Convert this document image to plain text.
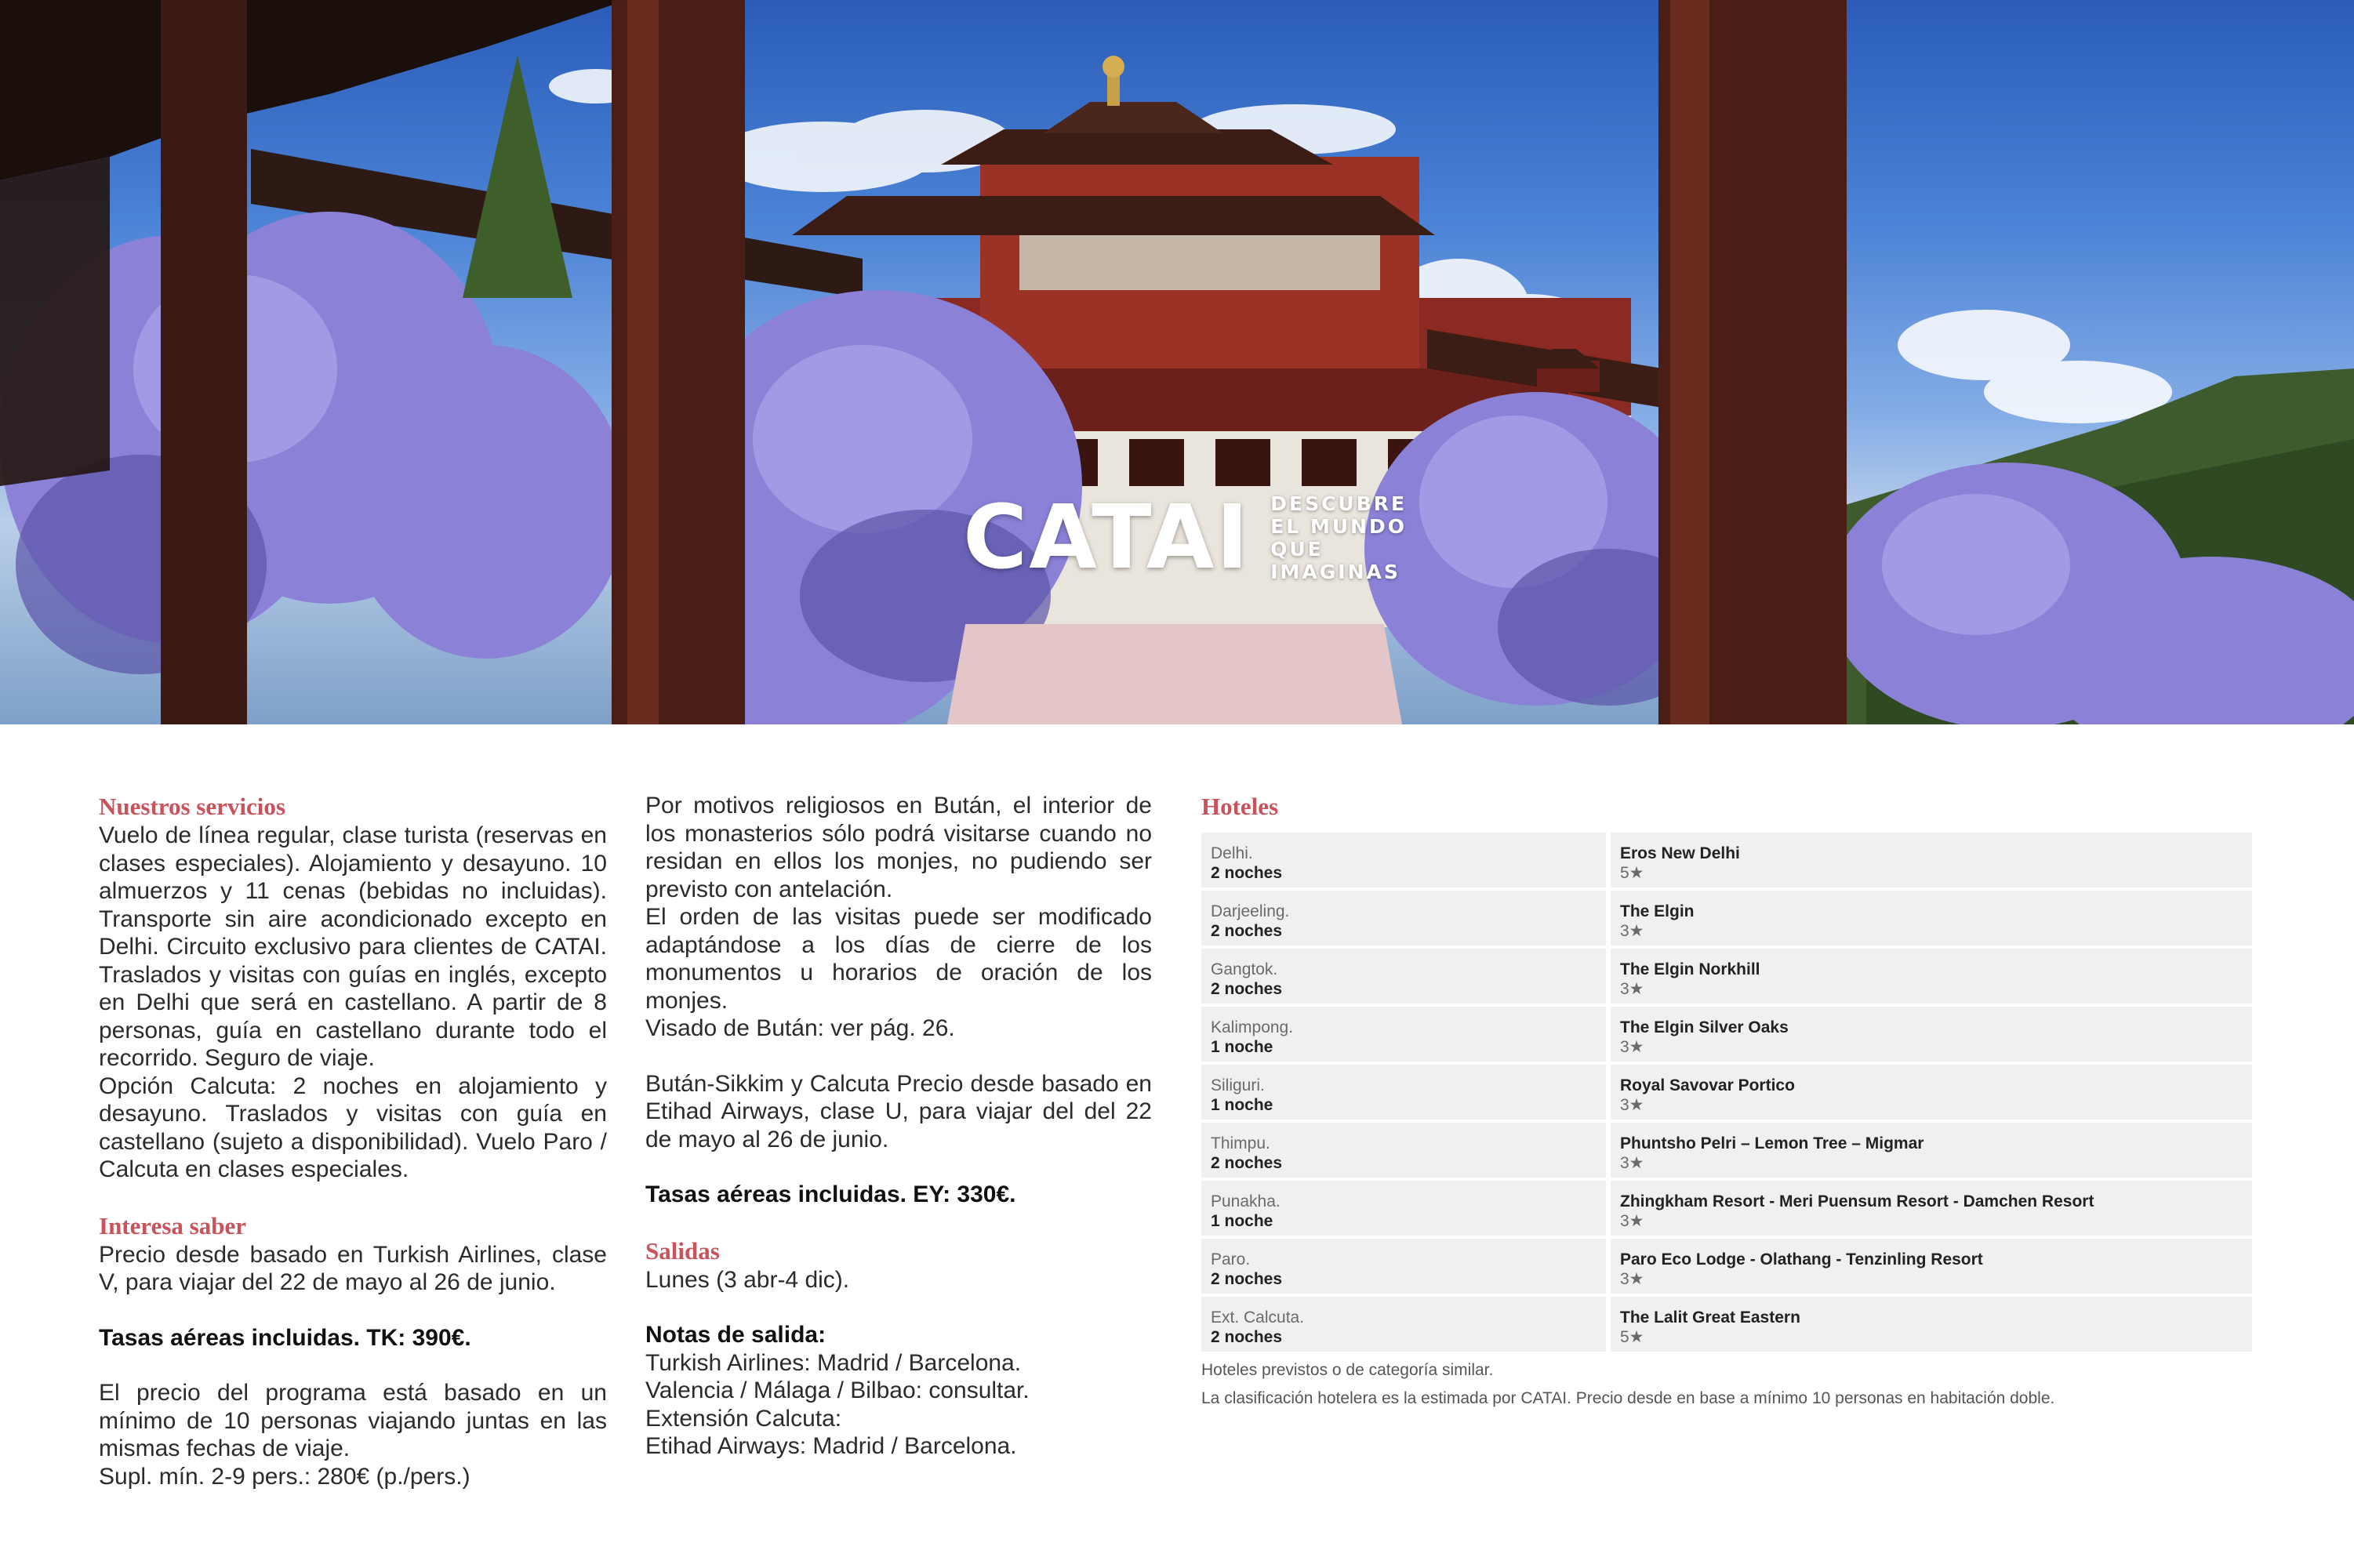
CATAI DESCUBRE EL MUNDO QUE IMAGINAS

Nuestros servicios

Vuelo de línea regular, clase turista (reservas en clases especiales). Alojamiento y desayuno. 10 almuerzos y 11 cenas (bebidas no incluidas). Transporte sin aire acondicionado excepto en Delhi. Circuito exclusivo para clientes de CATAI. Traslados y visitas con guías en inglés, excepto en Delhi que será en castellano. A partir de 8 personas, guía en castellano durante todo el recorrido. Seguro de viaje.

Opción Calcuta: 2 noches en alojamiento y desayuno. Traslados y visitas con guía en castellano (sujeto a disponibilidad). Vuelo Paro / Calcuta en clases especiales.

Interesa saber

Precio desde basado en Turkish Airlines, clase V, para viajar del 22 de mayo al 26 de junio.

Tasas aéreas incluidas. TK: 390€.

El precio del programa está basado en un mínimo de 10 personas viajando juntas en las mismas fechas de viaje.

Supl. mín. 2-9 pers.: 280€ (p./pers.)

Por motivos religiosos en Bután, el interior de los monasterios sólo podrá visitarse cuando no residan en ellos los monjes, no pudiendo ser previsto con antelación.

El orden de las visitas puede ser modificado adaptándose a los días de cierre de los monumentos u horarios de oración de los monjes.

Visado de Bután: ver pág. 26.

Bután-Sikkim y Calcuta Precio desde basado en Etihad Airways, clase U, para viajar del del 22 de mayo al 26 de junio.

Tasas aéreas incluidas. EY: 330€.

Salidas

Lunes (3 abr-4 dic).

Notas de salida:

Turkish Airlines: Madrid / Barcelona.

Valencia / Málaga / Bilbao: consultar.

Extensión Calcuta:

Etihad Airways: Madrid / Barcelona.

Hoteles

Delhi.
2 noches
Eros New Delhi
5★
Darjeeling.
2 noches
The Elgin
3★
Gangtok.
2 noches
The Elgin Norkhill
3★
Kalimpong.
1 noche
The Elgin Silver Oaks
3★
Siliguri.
1 noche
Royal Savovar Portico
3★
Thimpu.
2 noches
Phuntsho Pelri – Lemon Tree – Migmar
3★
Punakha.
1 noche
Zhingkham Resort - Meri Puensum Resort - Damchen Resort
3★
Paro.
2 noches
Paro Eco Lodge - Olathang - Tenzinling Resort
3★
Ext. Calcuta.
2 noches
The Lalit Great Eastern
5★
Hoteles previstos o de categoría similar.
La clasificación hotelera es la estimada por CATAI. Precio desde en base a mínimo 10 personas en habitación doble.
